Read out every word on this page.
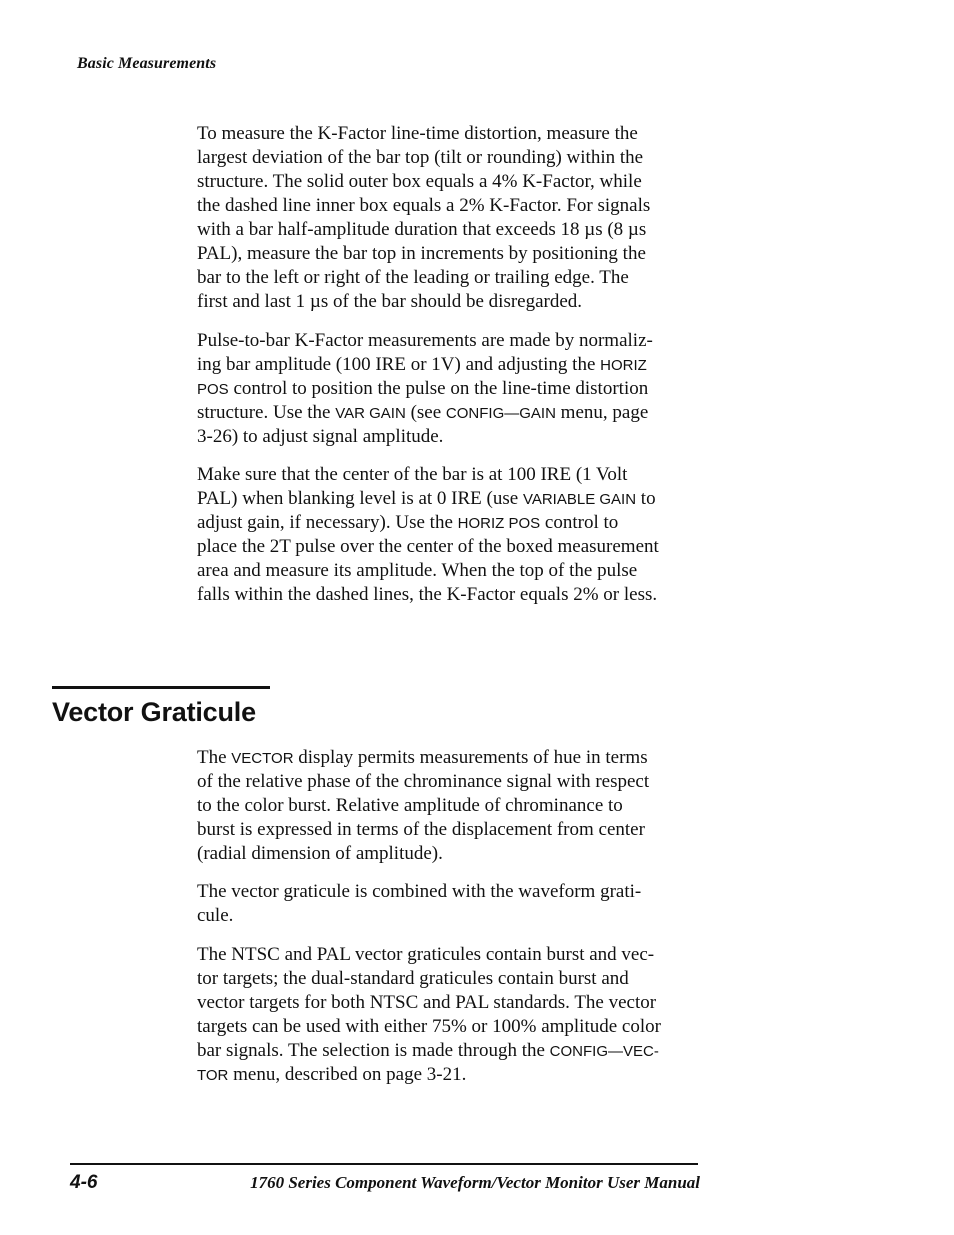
Basic Measurements

To measure the K-Factor line-time distortion, measure the
largest deviation of the bar top (tilt or rounding) within the
structure. The solid outer box equals a 4% K-Factor, while
the dashed line inner box equals a 2% K-Factor. For signals
with a bar half-amplitude duration that exceeds 18 µs (8 µs
PAL), measure the bar top in increments by positioning the
bar to the left or right of the leading or trailing edge. The
first and last 1 µs of the bar should be disregarded.

Pulse-to-bar K-Factor measurements are made by normaliz-
ing bar amplitude (100 IRE or 1V) and adjusting the HORIZ
POS control to position the pulse on the line-time distortion
structure. Use the VAR GAIN (see CONFIG—GAIN menu, page
3-26) to adjust signal amplitude.

Make sure that the center of the bar is at 100 IRE (1 Volt
PAL) when blanking level is at 0 IRE (use VARIABLE GAIN to
adjust gain, if necessary). Use the HORIZ POS control to
place the 2T pulse over the center of the boxed measurement
area and measure its amplitude. When the top of the pulse
falls within the dashed lines, the K-Factor equals 2% or less.

Vector Graticule

The VECTOR display permits measurements of hue in terms
of the relative phase of the chrominance signal with respect
to the color burst. Relative amplitude of chrominance to
burst is expressed in terms of the displacement from center
(radial dimension of amplitude).

The vector graticule is combined with the waveform grati-
cule.

The NTSC and PAL vector graticules contain burst and vec-
tor targets; the dual-standard graticules contain burst and
vector targets for both NTSC and PAL standards. The vector
targets can be used with either 75% or 100% amplitude color
bar signals. The selection is made through the CONFIG—VEC-
TOR menu, described on page 3-21.

4-6	1760 Series Component Waveform/Vector Monitor User Manual
